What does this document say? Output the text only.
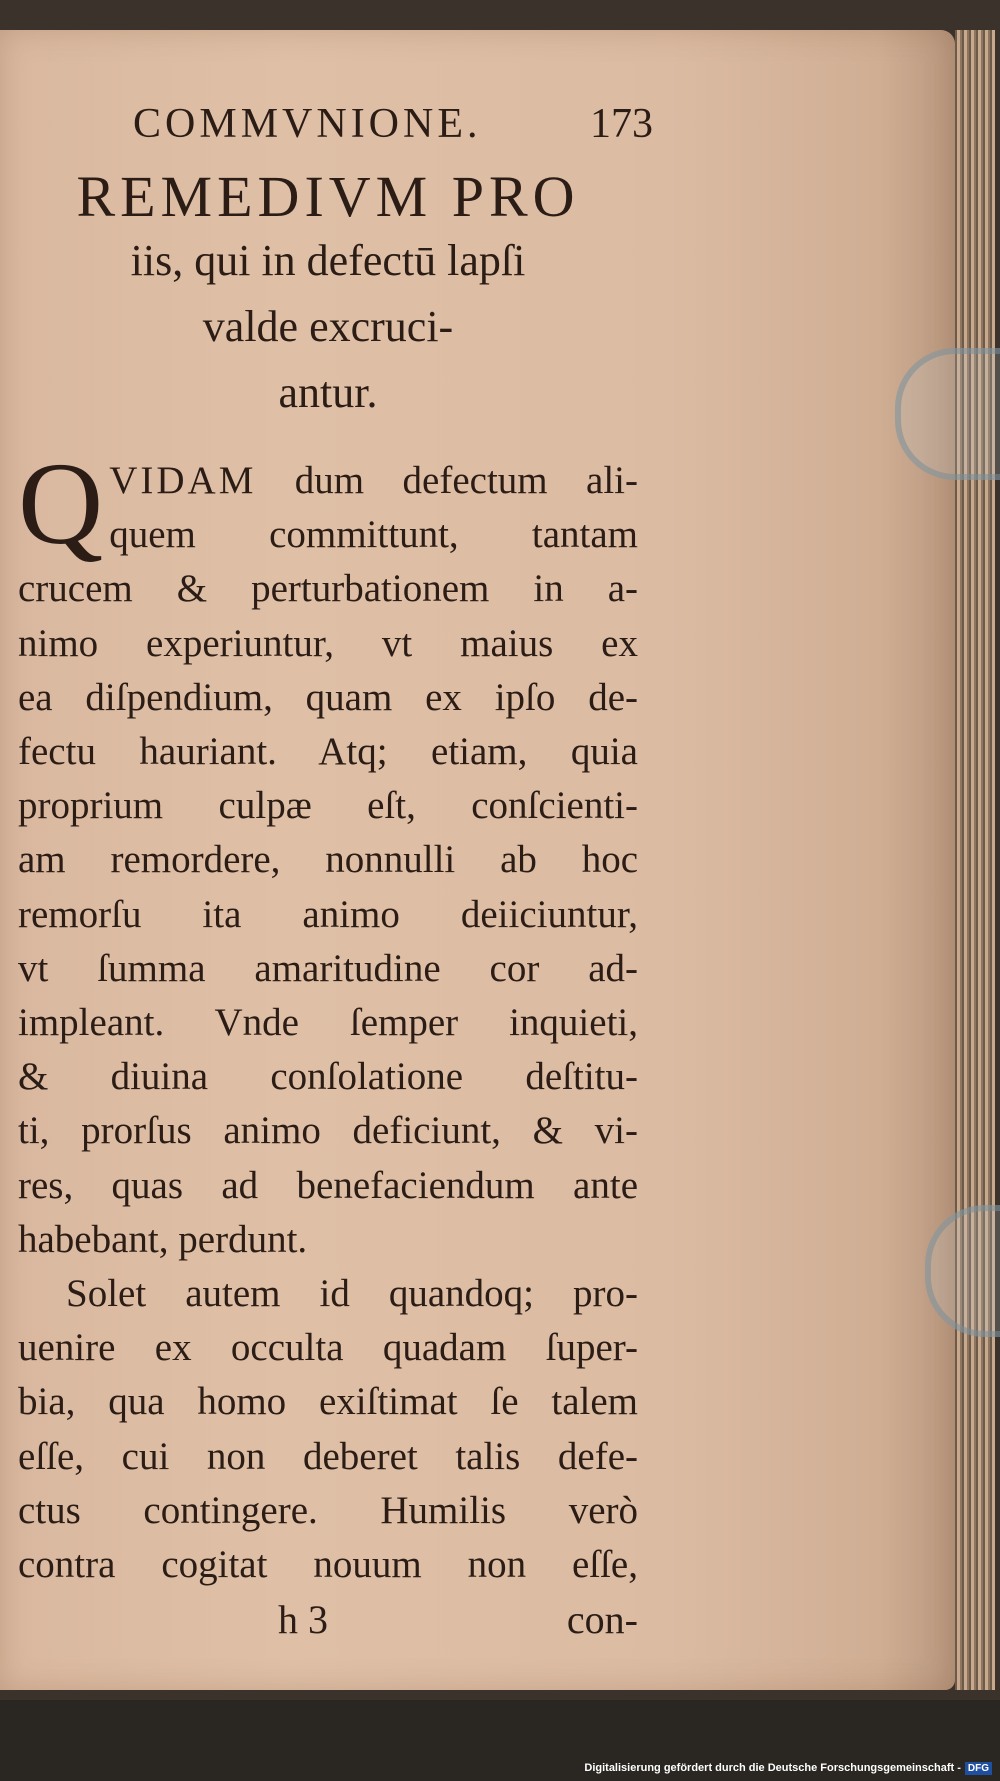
COMMVNIONE.	173
REMEDIVM PRO
iis, qui in defectū lapſi
valde excruci-
antur.

Q VIDAM dum defectum ali-
quem committunt, tantam
crucem & perturbationem in a-
nimo experiuntur, vt maius ex
ea diſpendium, quam ex ipſo de-
fectu hauriant. Atq; etiam, quia
proprium culpæ eſt, conſcienti-
am remordere, nonnulli ab hoc
remorſu ita animo deiiciuntur,
vt ſumma amaritudine cor ad-
impleant. Vnde ſemper inquieti,
& diuina conſolatione deſtitu-
ti, prorſus animo deficiunt, & vi-
res, quas ad benefaciendum ante
habebant, perdunt.

Solet autem id quandoq; pro-
uenire ex occulta quadam ſuper-
bia, qua homo exiſtimat ſe talem
eſſe, cui non deberet talis defe-
ctus contingere. Humilis verò
contra cogitat nouum non eſſe,

h 3	con-
Digitalisierung gefördert durch die Deutsche Forschungsgemeinschaft - DFG
